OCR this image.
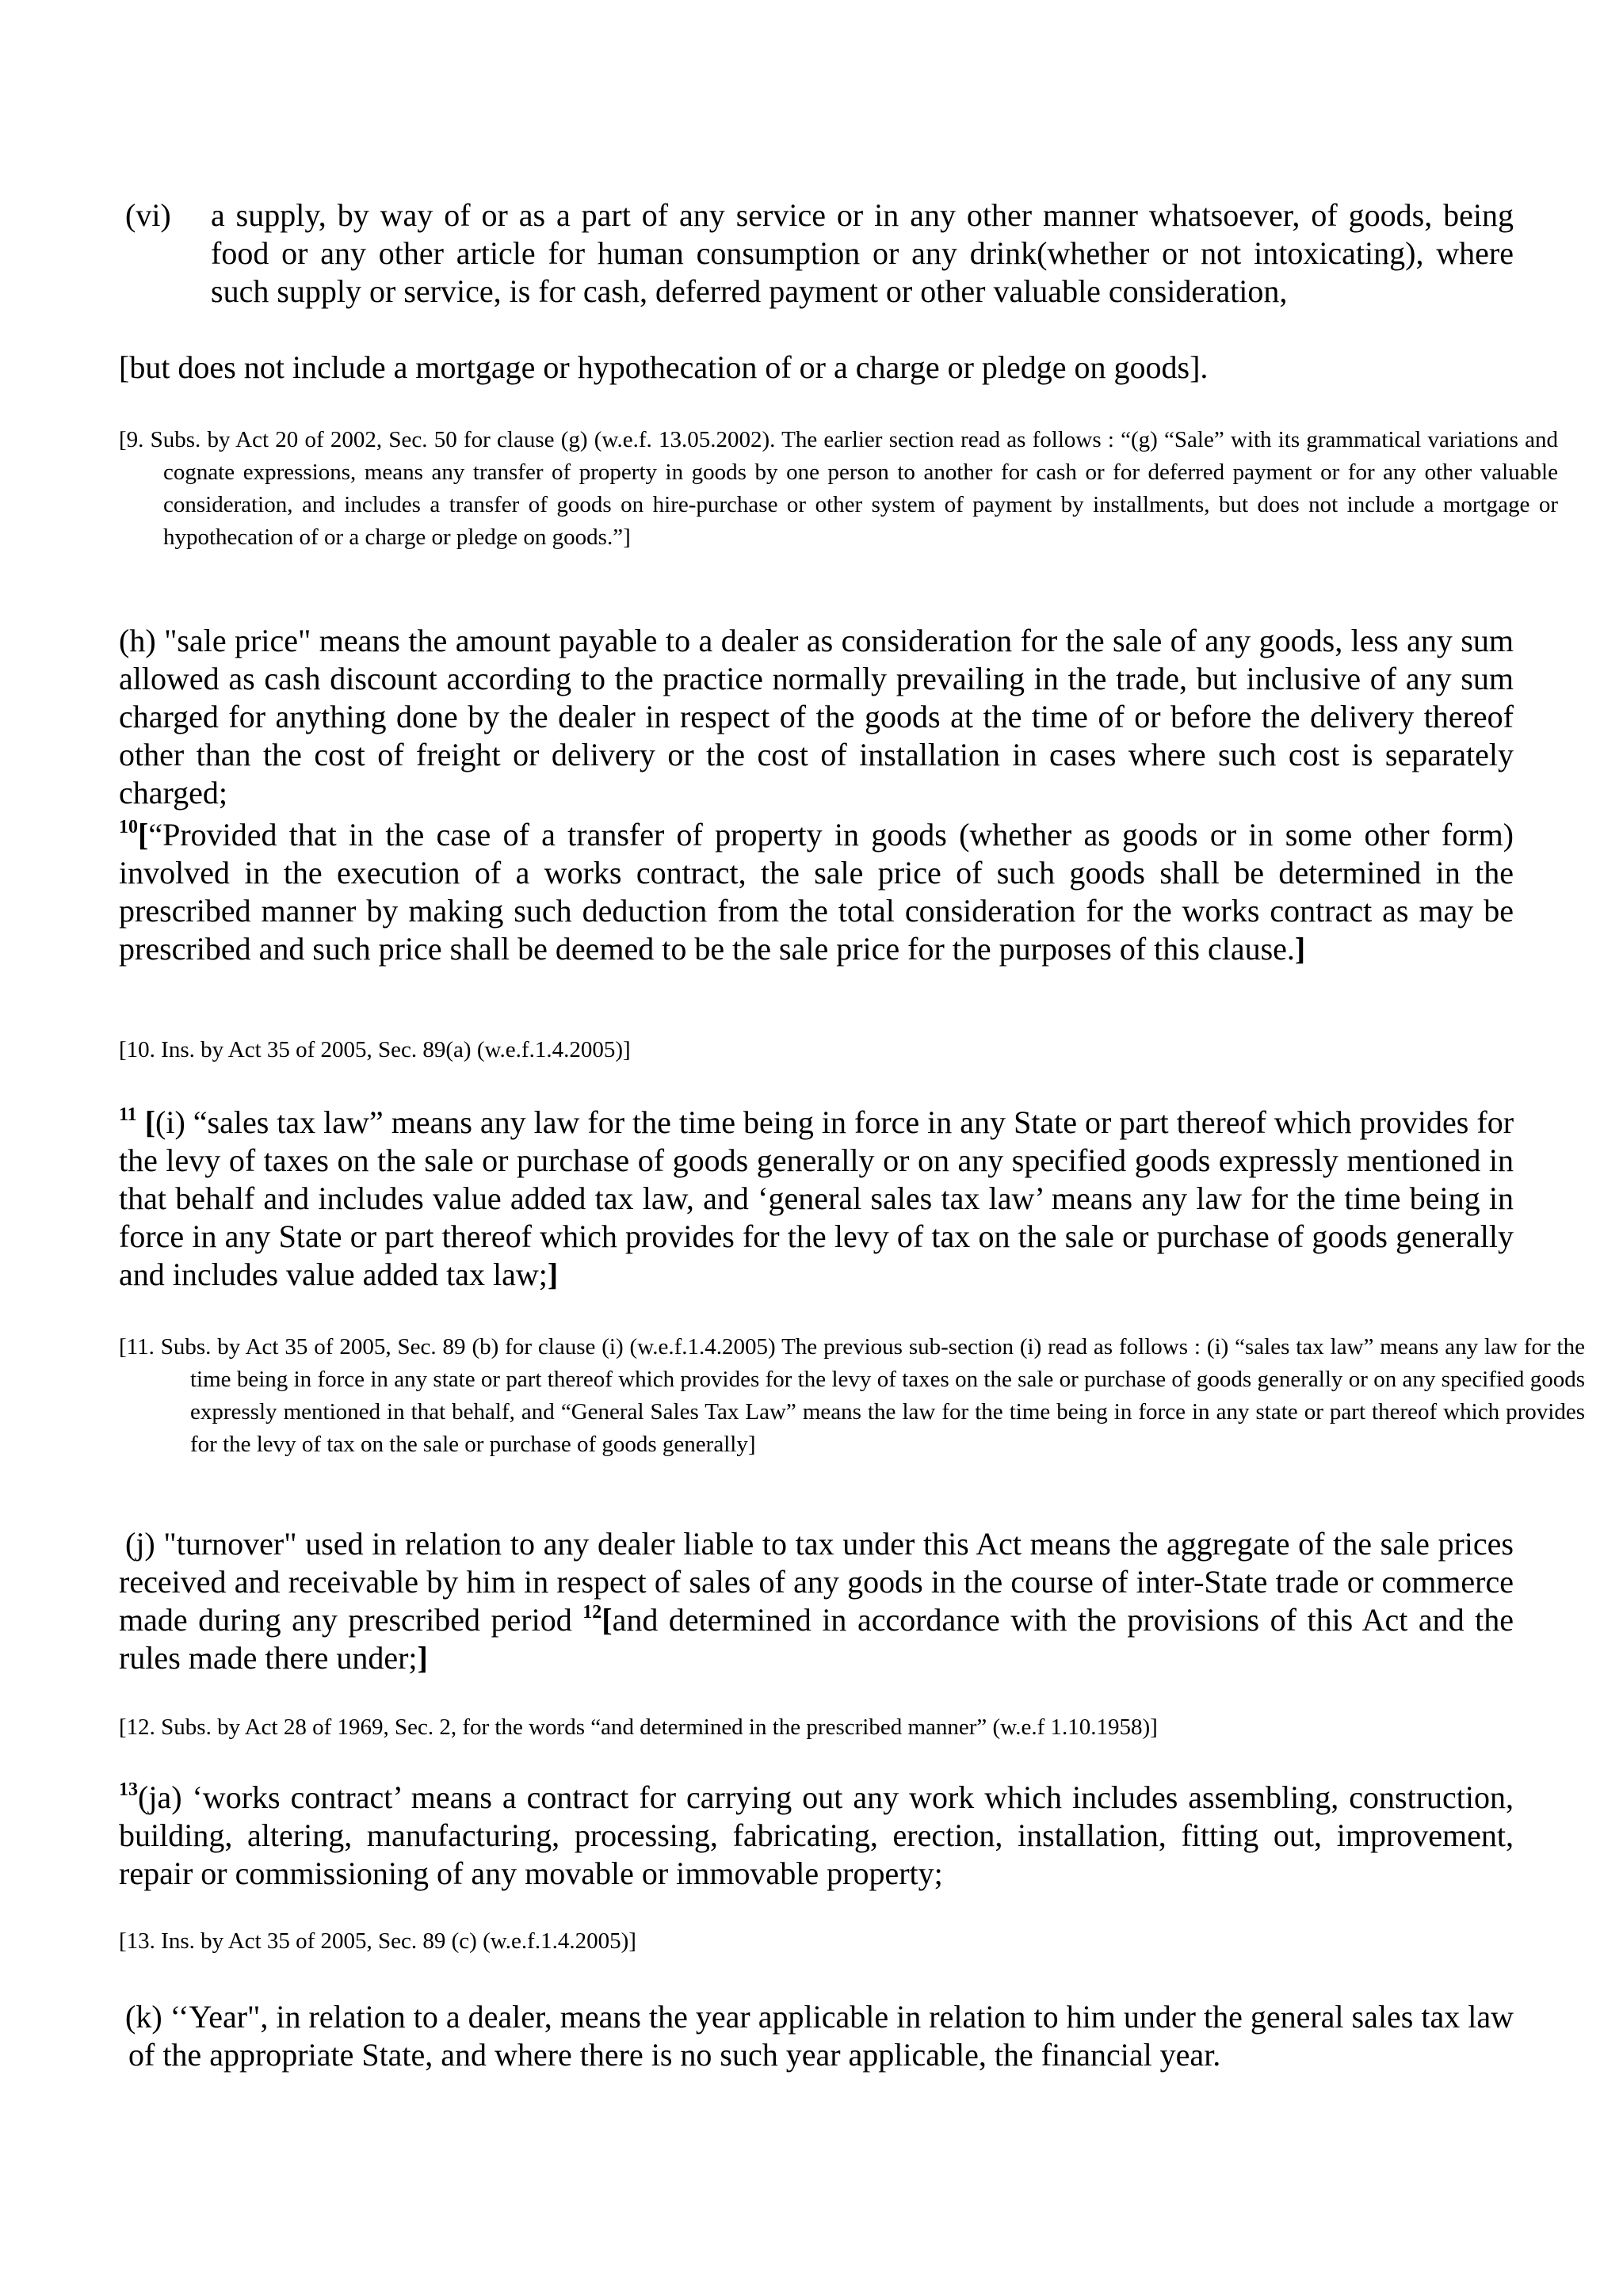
(vi)	a supply, by way of or as a part of any service or in any other manner whatsoever, of goods, being food or any other article for human consumption or any drink(whether or not intoxicating), where such supply or service, is for cash, deferred payment or other valuable consideration,
[but does not include a mortgage or hypothecation of or a charge or pledge on goods].
[9. Subs. by Act 20 of 2002, Sec. 50 for clause (g) (w.e.f. 13.05.2002). The earlier section read as follows : “(g) “Sale” with its grammatical variations and cognate expressions, means any transfer of property in goods by one person to another for cash or for deferred payment or for any other valuable consideration, and includes a transfer of goods on hire-purchase or other system of payment by installments, but does not include a mortgage or hypothecation of or a charge or pledge on goods.”]
(h) "sale price" means the amount payable to a dealer as consideration for the sale of any goods, less any sum allowed as cash discount according to the practice normally prevailing in the trade, but inclusive of any sum charged for anything done by the dealer in respect of the goods at the time of or before the delivery thereof other than the cost of freight or delivery or the cost of installation in cases where such cost is separately charged;
$^{10}$[“Provided that in the case of a transfer of property in goods (whether as goods or in some other form) involved in the execution of a works contract, the sale price of such goods shall be determined in the prescribed manner by making such deduction from the total consideration for the works contract as may be prescribed and such price shall be deemed to be the sale price for the purposes of this clause.]
[10. Ins. by Act 35 of 2005, Sec. 89(a) (w.e.f.1.4.2005)]
$^{11}$ [(i) “sales tax law” means any law for the time being in force in any State or part thereof which provides for the levy of taxes on the sale or purchase of goods generally or on any specified goods expressly mentioned in that behalf and includes value added tax law, and ‘general sales tax law’ means any law for the time being in force in any State or part thereof which provides for the levy of tax on the sale or purchase of goods generally and includes value added tax law;]
[11. Subs. by Act 35 of 2005, Sec. 89 (b) for clause (i) (w.e.f.1.4.2005) The previous sub-section (i) read as follows : (i) “sales tax law” means any law for the time being in force in any state or part thereof which provides for the levy of taxes on the sale or purchase of goods generally or on any specified goods expressly mentioned in that behalf, and “General Sales Tax Law” means the law for the time being in force in any state or part thereof which provides for the levy of tax on the sale or purchase of goods generally]
(j) "turnover" used in relation to any dealer liable to tax under this Act means the aggregate of the sale prices received and receivable by him in respect of sales of any goods in the course of inter-State trade or commerce made during any prescribed period $^{12}$[and determined in accordance with the provisions of this Act and the rules made there under;]
[12. Subs. by Act 28 of 1969, Sec. 2, for the words “and determined in the prescribed manner” (w.e.f 1.10.1958)]
$^{13}$(ja) ‘works contract’ means a contract for carrying out any work which includes assembling, construction, building, altering, manufacturing, processing, fabricating, erection, installation, fitting out, improvement, repair or commissioning of any movable or immovable property;
[13. Ins. by Act 35 of 2005, Sec. 89 (c) (w.e.f.1.4.2005)]
(k) ‘‘Year", in relation to a dealer, means the year applicable in relation to him under the general sales tax law of the appropriate State, and where there is no such year applicable, the financial year.
